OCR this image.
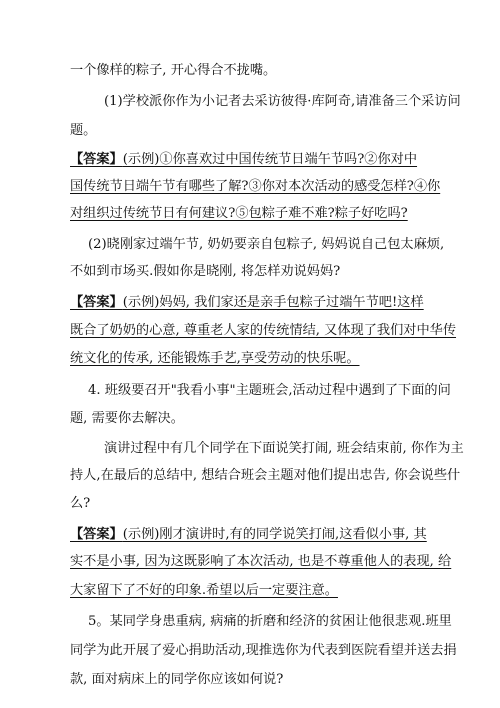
一个像样的粽子, 开心得合不拢嘴。
(1)学校派你作为小记者去采访彼得·库阿奇,请准备三个采访问
题。
【答案】(示例)①你喜欢过中国传统节日端午节吗?②你对中
国传统节日端午节有哪些了解?③你对本次活动的感受怎样?④你
对组织过传统节日有何建议?⑤包粽子难不难?粽子好吃吗?
(2)晓刚家过端午节, 奶奶要亲自包粽子, 妈妈说自己包太麻烦,
不如到市场买.假如你是晓刚, 将怎样劝说妈妈?
【答案】(示例)妈妈, 我们家还是亲手包粽子过端午节吧!这样
既合了奶奶的心意, 尊重老人家的传统情结, 又体现了我们对中华传
统文化的传承, 还能锻炼手艺,享受劳动的快乐呢。
4. 班级要召开"我看小事"主题班会,活动过程中遇到了下面的问
题, 需要你去解决。
演讲过程中有几个同学在下面说笑打闹, 班会结束前, 你作为主
持人,在最后的总结中, 想结合班会主题对他们提出忠告, 你会说些什
么?
【答案】(示例)刚才演讲时,有的同学说笑打闹,这看似小事, 其
实不是小事, 因为这既影响了本次活动, 也是不尊重他人的表现, 给
大家留下了不好的印象.希望以后一定要注意。
5。某同学身患重病, 病痛的折磨和经济的贫困让他很悲观.班里
同学为此开展了爱心捐助活动,现推选你为代表到医院看望并送去捐
款, 面对病床上的同学你应该如何说?
